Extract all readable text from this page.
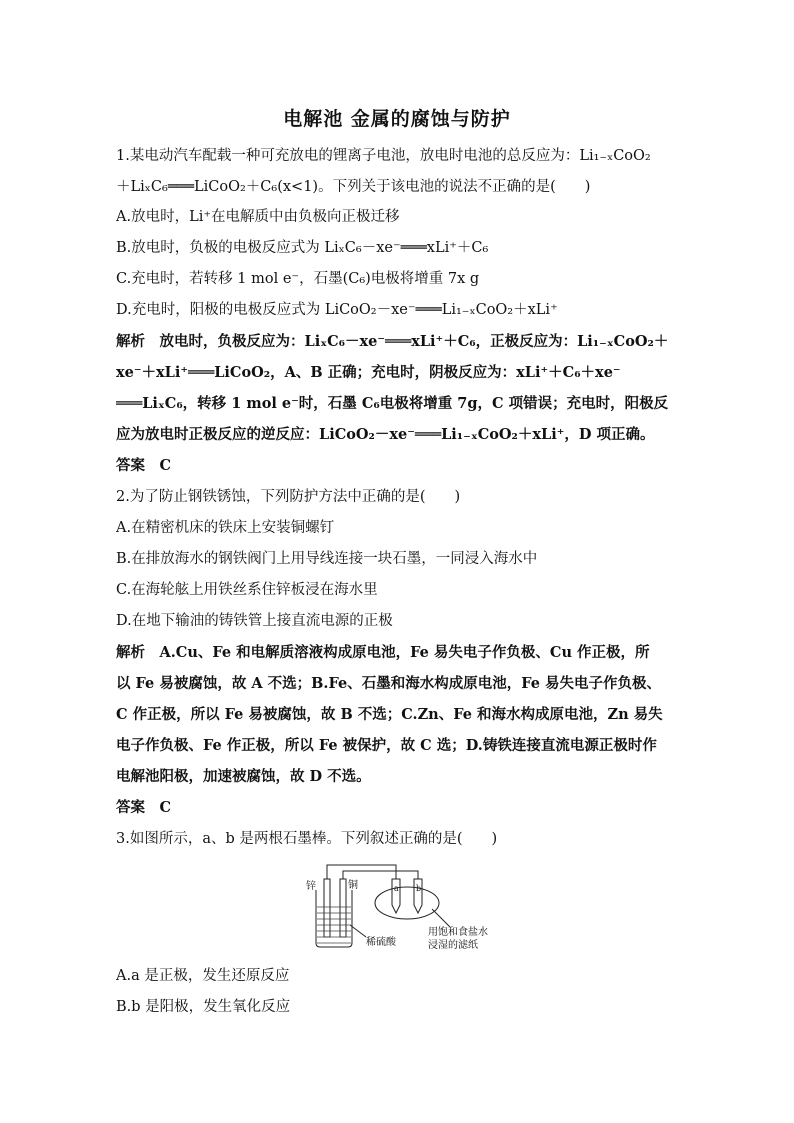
电解池 金属的腐蚀与防护
1.某电动汽车配载一种可充放电的锂离子电池，放电时电池的总反应为：Li₁₋ₓCoO₂
＋LiₓC₆═══LiCoO₂＋C₆(x<1)。下列关于该电池的说法不正确的是(　　)
A.放电时，Li⁺在电解质中由负极向正极迁移
B.放电时，负极的电极反应式为 LiₓC₆－xe⁻═══xLi⁺＋C₆
C.充电时，若转移 1 mol e⁻，石墨(C₆)电极将增重 7x g
D.充电时，阳极的电极反应式为 LiCoO₂－xe⁻═══Li₁₋ₓCoO₂＋xLi⁺
解析　放电时，负极反应为：LiₓC₆－xe⁻═══xLi⁺＋C₆，正极反应为：Li₁₋ₓCoO₂＋
xe⁻＋xLi⁺═══LiCoO₂，A、B 正确；充电时，阴极反应为：xLi⁺＋C₆＋xe⁻
═══LiₓC₆，转移 1 mol e⁻时，石墨 C₆电极将增重 7g，C 项错误；充电时，阳极反
应为放电时正极反应的逆反应：LiCoO₂－xe⁻═══Li₁₋ₓCoO₂＋xLi⁺，D 项正确。
答案　C
2.为了防止钢铁锈蚀，下列防护方法中正确的是(　　)
A.在精密机床的铁床上安装铜螺钉
B.在排放海水的钢铁阀门上用导线连接一块石墨，一同浸入海水中
C.在海轮舷上用铁丝系住锌板浸在海水里
D.在地下输油的铸铁管上接直流电源的正极
解析　A.Cu、Fe 和电解质溶液构成原电池，Fe 易失电子作负极、Cu 作正极，所
以 Fe 易被腐蚀，故 A 不选；B.Fe、石墨和海水构成原电池，Fe 易失电子作负极、
C 作正极，所以 Fe 易被腐蚀，故 B 不选；C.Zn、Fe 和海水构成原电池，Zn 易失
电子作负极、Fe 作正极，所以 Fe 被保护，故 C 选；D.铸铁连接直流电源正极时作
电解池阳极，加速被腐蚀，故 D 不选。
答案　C
3.如图所示，a、b 是两根石墨棒。下列叙述正确的是(　　)
锌	铜	a b
稀硫酸
用饱和食盐水
浸湿的滤纸
A.a 是正极，发生还原反应
B.b 是阳极，发生氧化反应
